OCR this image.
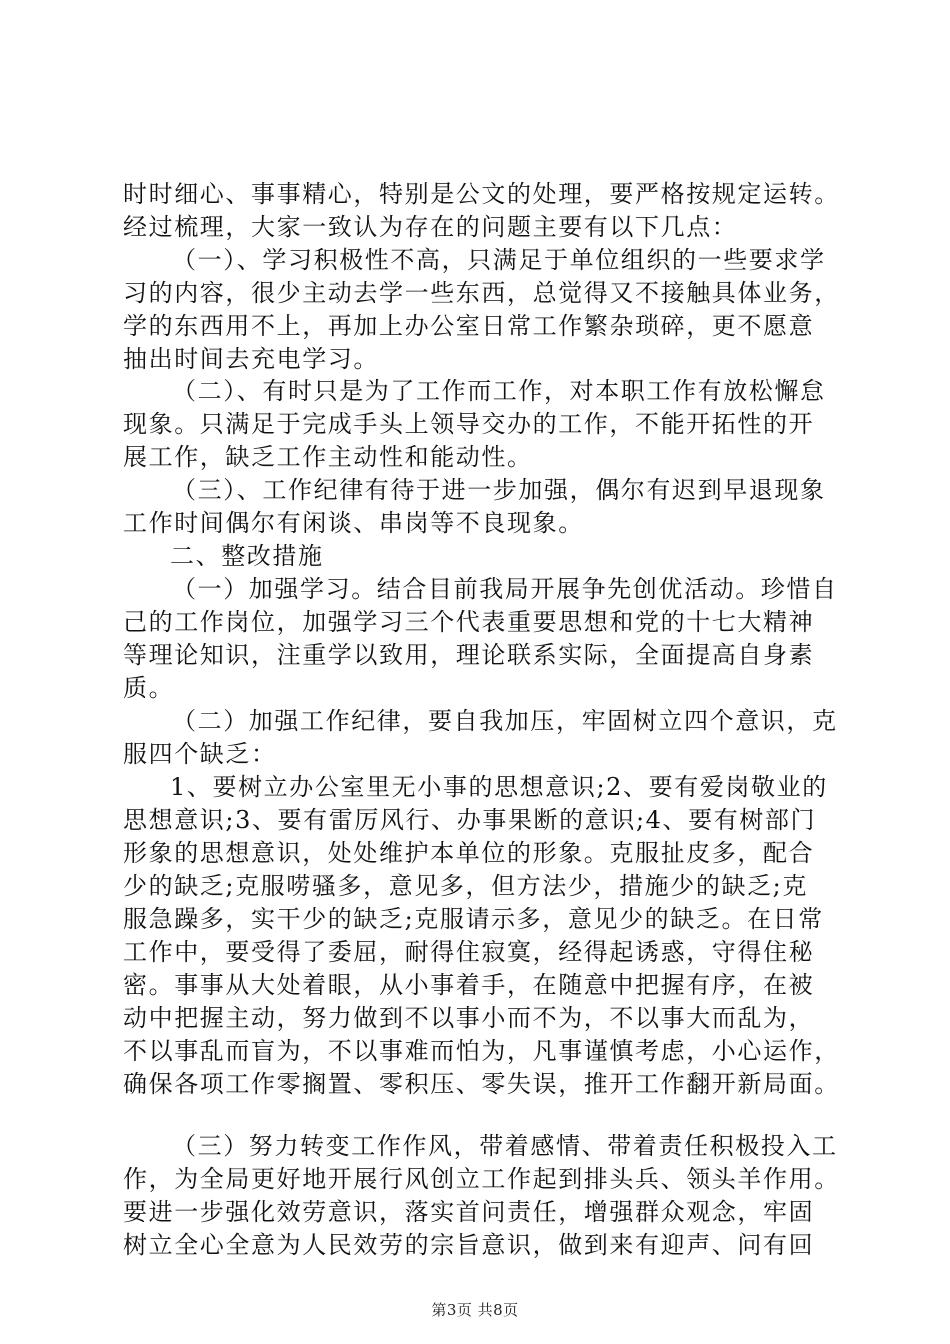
时时细心、事事精心，特别是公文的处理，要严格按规定运转。
经过梳理，大家一致认为存在的问题主要有以下几点：
（一）、学习积极性不高，只满足于单位组织的一些要求学
习的内容，很少主动去学一些东西，总觉得又不接触具体业务，
学的东西用不上，再加上办公室日常工作繁杂琐碎，更不愿意
抽出时间去充电学习。
（二）、有时只是为了工作而工作，对本职工作有放松懈怠
现象。只满足于完成手头上领导交办的工作，不能开拓性的开
展工作，缺乏工作主动性和能动性。
（三）、工作纪律有待于进一步加强，偶尔有迟到早退现象
工作时间偶尔有闲谈、串岗等不良现象。
二、整改措施
（一）加强学习。结合目前我局开展争先创优活动。珍惜自
己的工作岗位，加强学习三个代表重要思想和党的十七大精神
等理论知识，注重学以致用，理论联系实际，全面提高自身素
质。
（二）加强工作纪律，要自我加压，牢固树立四个意识，克
服四个缺乏：
1、要树立办公室里无小事的思想意识;2、要有爱岗敬业的
思想意识;3、要有雷厉风行、办事果断的意识;4、要有树部门
形象的思想意识，处处维护本单位的形象。克服扯皮多，配合
少的缺乏;克服唠骚多，意见多，但方法少，措施少的缺乏;克
服急躁多，实干少的缺乏;克服请示多，意见少的缺乏。在日常
工作中，要受得了委屈，耐得住寂寞，经得起诱惑，守得住秘
密。事事从大处着眼，从小事着手，在随意中把握有序，在被
动中把握主动，努力做到不以事小而不为，不以事大而乱为，
不以事乱而盲为，不以事难而怕为，凡事谨慎考虑，小心运作，
确保各项工作零搁置、零积压、零失误，推开工作翻开新局面。
（三）努力转变工作作风，带着感情、带着责任积极投入工
作，为全局更好地开展行风创立工作起到排头兵、领头羊作用。
要进一步强化效劳意识，落实首问责任，增强群众观念，牢固
树立全心全意为人民效劳的宗旨意识，做到来有迎声、问有回
第3页 共8页
